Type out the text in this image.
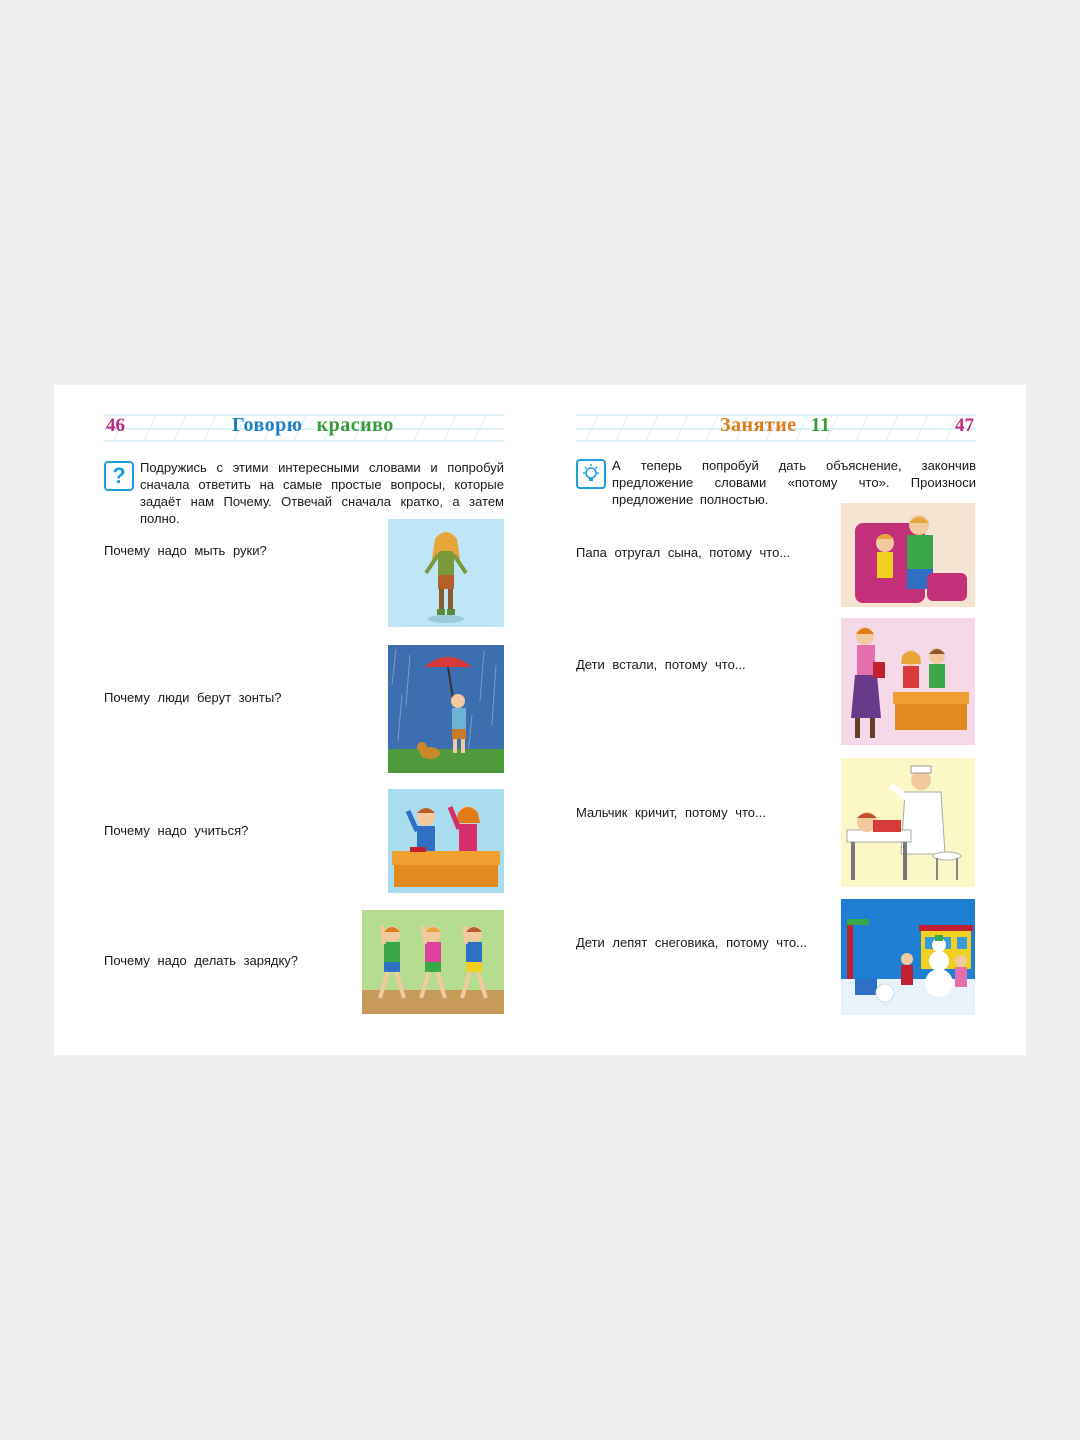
46	Говорю красиво
? Подружись с этими интересными словами и попробуй сначала ответить на самые простые вопросы, которые задаёт нам Почему. Отвечай сначала кратко, а затем полно.
Почему надо мыть руки?
Почему люди берут зонты?
Почему надо учиться?
Почему надо делать зарядку?
Занятие 11	47
А теперь попробуй дать объяснение, закончив предложение словами «потому что». Произноси предложение полностью.
Папа отругал сына, потому что...
Дети встали, потому что...
Мальчик кричит, потому что...
Дети лепят снеговика, потому что...
